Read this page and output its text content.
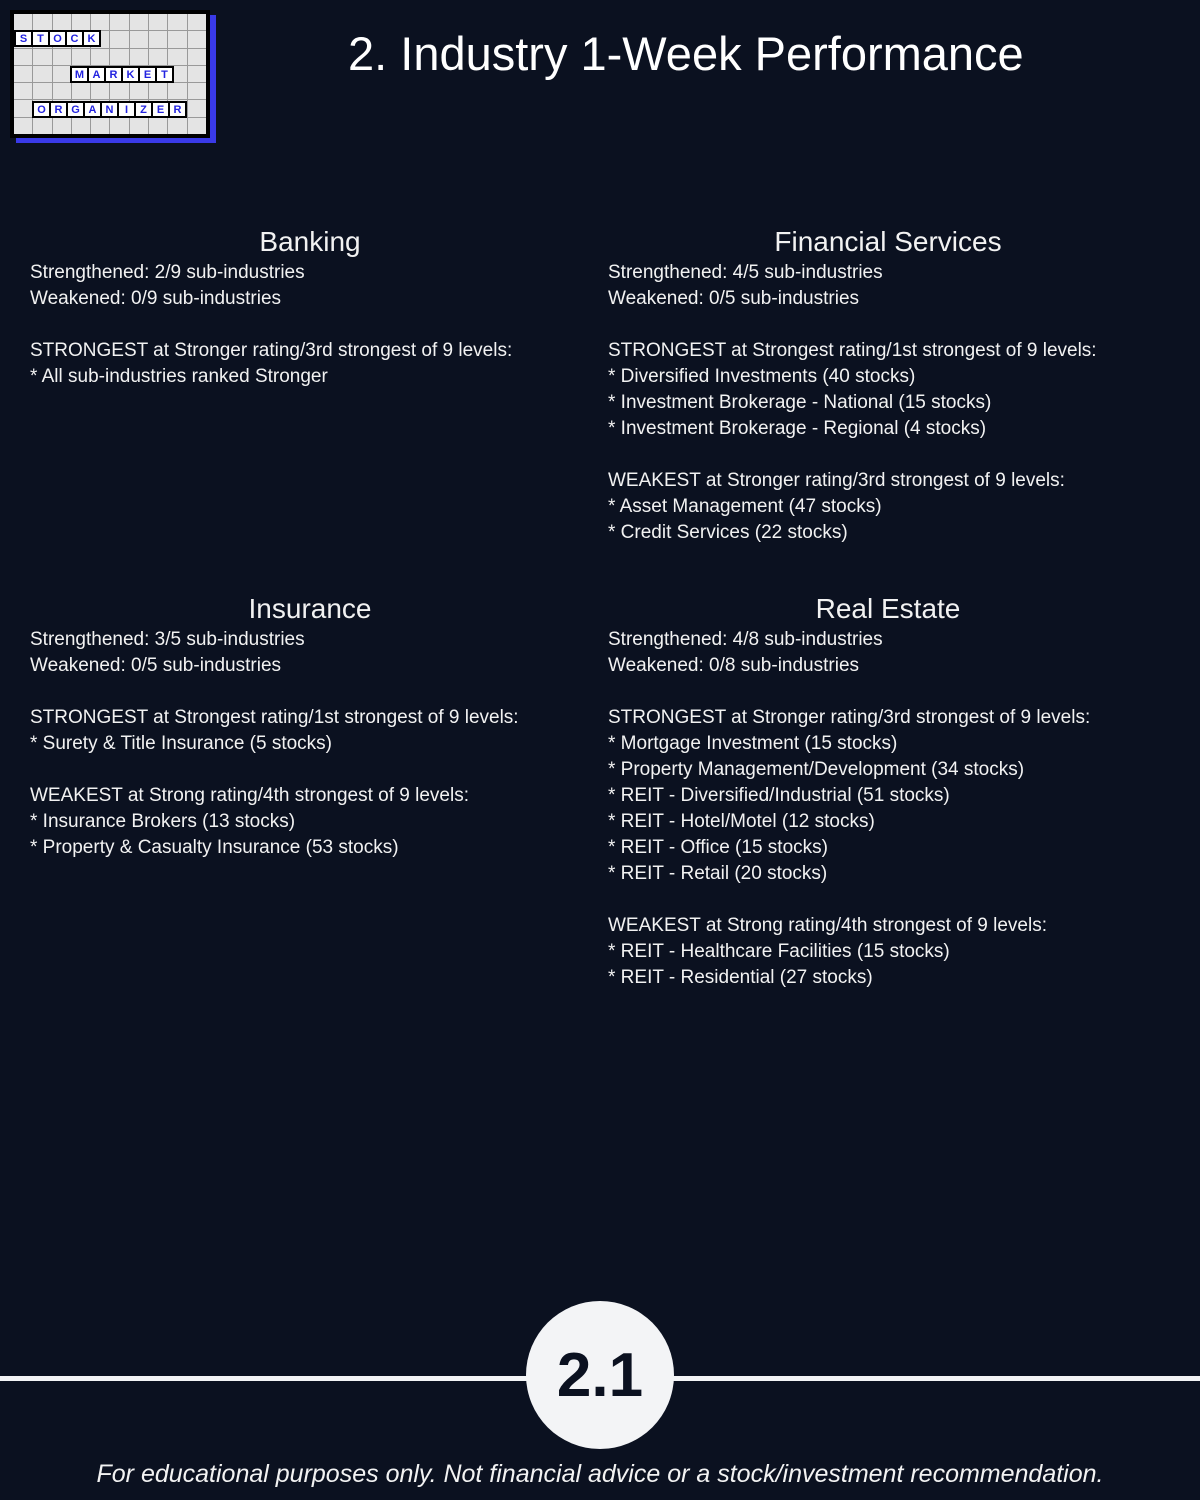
S T O C K
M A R K E T
O R G A N	I	Z E R
2. Industry 1-Week Performance
Banking
Strengthened: 2/9 sub-industries
Weakened: 0/9 sub-industries
STRONGEST at Stronger rating/3rd strongest of 9 levels:
* All sub-industries ranked Stronger
Financial Services
Strengthened: 4/5 sub-industries
Weakened: 0/5 sub-industries
STRONGEST at Strongest rating/1st strongest of 9 levels:
* Diversified Investments (40 stocks)
* Investment Brokerage - National (15 stocks)
* Investment Brokerage - Regional (4 stocks)
WEAKEST at Stronger rating/3rd strongest of 9 levels:
* Asset Management (47 stocks)
* Credit Services (22 stocks)
Insurance
Strengthened: 3/5 sub-industries
Weakened: 0/5 sub-industries
STRONGEST at Strongest rating/1st strongest of 9 levels:
* Surety & Title Insurance (5 stocks)
WEAKEST at Strong rating/4th strongest of 9 levels:
* Insurance Brokers (13 stocks)
* Property & Casualty Insurance (53 stocks)
Real Estate
Strengthened: 4/8 sub-industries
Weakened: 0/8 sub-industries
STRONGEST at Stronger rating/3rd strongest of 9 levels:
* Mortgage Investment (15 stocks)
* Property Management/Development (34 stocks)
* REIT - Diversified/Industrial (51 stocks)
* REIT - Hotel/Motel (12 stocks)
* REIT - Office (15 stocks)
* REIT - Retail (20 stocks)
WEAKEST at Strong rating/4th strongest of 9 levels:
* REIT - Healthcare Facilities (15 stocks)
* REIT - Residential (27 stocks)
2.1
For educational purposes only. Not financial advice or a stock/investment recommendation.
